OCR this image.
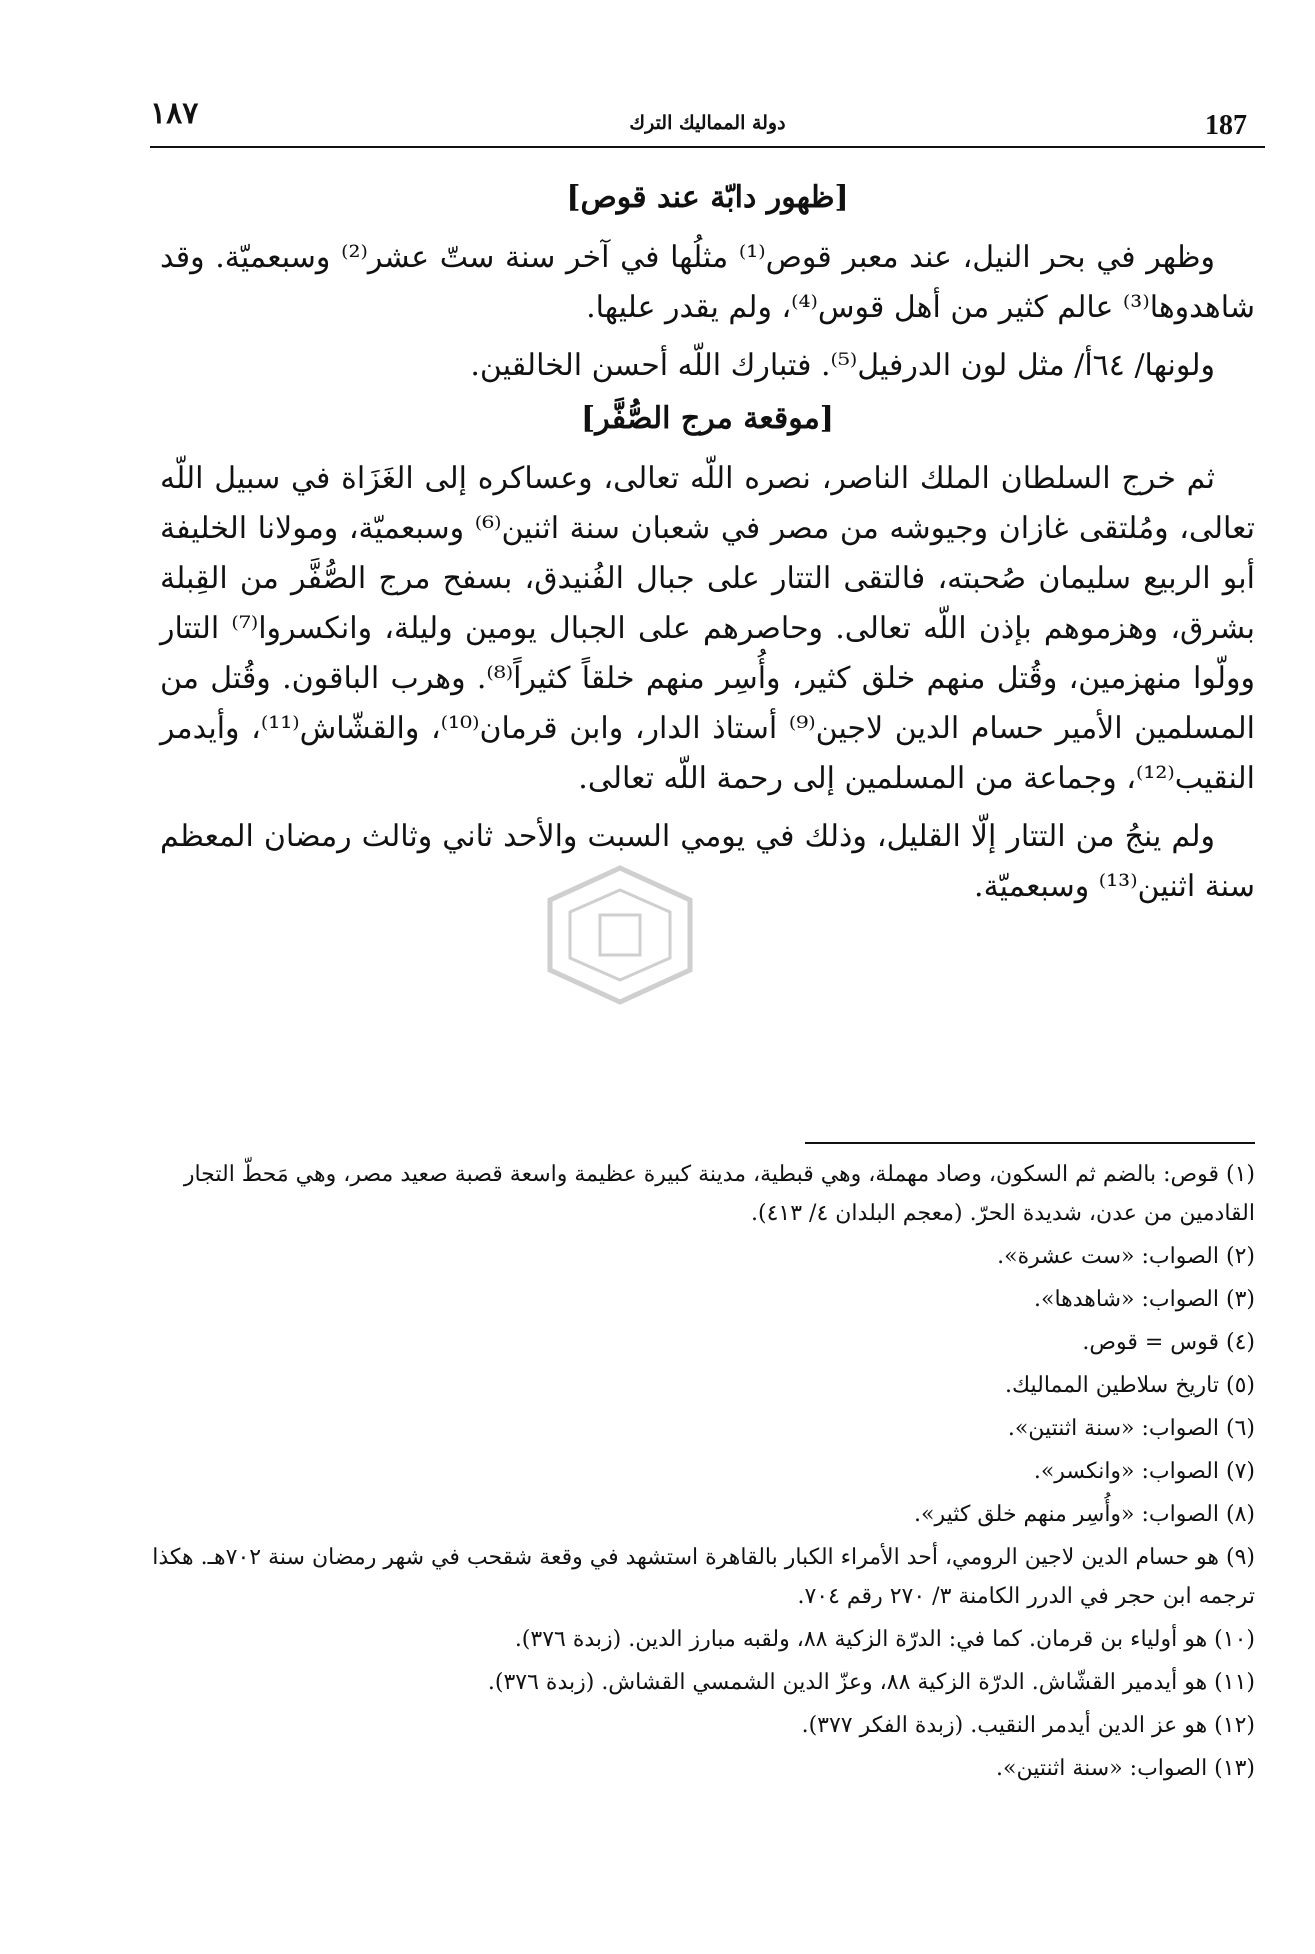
١٨٧	دولة المماليك الترك	187
[ظهور دابّة عند قوص]

وظهر في بحر النيل، عند معبر قوص⁽¹⁾ مثلُها في آخر سنة ستّ عشر⁽²⁾ وسبعميّة. وقد شاهدوها⁽³⁾ عالم كثير من أهل قوس⁽⁴⁾، ولم يقدر عليها.

ولونها/ ٦٤أ/ مثل لون الدرفيل⁽⁵⁾. فتبارك اللّه أحسن الخالقين.

[موقعة مرج الصُّفَّر]

ثم خرج السلطان الملك الناصر، نصره اللّه تعالى، وعساكره إلى الغَزَاة في سبيل اللّه تعالى، ومُلتقى غازان وجيوشه من مصر في شعبان سنة اثنين⁽⁶⁾ وسبعميّة، ومولانا الخليفة أبو الربيع سليمان صُحبته، فالتقى التتار على جبال الفُنيدق، بسفح مرج الصُّفَّر من القِبلة بشرق، وهزموهم بإذن اللّه تعالى. وحاصرهم على الجبال يومين وليلة، وانكسروا⁽⁷⁾ التتار وولّوا منهزمين، وقُتل منهم خلق كثير، وأُسِر منهم خلقاً كثيراً⁽⁸⁾. وهرب الباقون. وقُتل من المسلمين الأمير حسام الدين لاجين⁽⁹⁾ أستاذ الدار، وابن قرمان⁽¹⁰⁾، والقشّاش⁽¹¹⁾، وأيدمر النقيب⁽¹²⁾، وجماعة من المسلمين إلى رحمة اللّه تعالى.

ولم ينجُ من التتار إلّا القليل، وذلك في يومي السبت والأحد ثاني وثالث رمضان المعظم سنة اثنين⁽¹³⁾ وسبعميّة.

(١) قوص: بالضم ثم السكون، وصاد مهملة، وهي قبطية، مدينة كبيرة عظيمة واسعة قصبة صعيد مصر، وهي مَحطّ التجار القادمين من عدن، شديدة الحرّ. (معجم البلدان ٤/ ٤١٣).

(٢) الصواب: «ست عشرة».

(٣) الصواب: «شاهدها».

(٤) قوس = قوص.

(٥) تاريخ سلاطين المماليك.

(٦) الصواب: «سنة اثنتين».

(٧) الصواب: «وانكسر».

(٨) الصواب: «وأُسِر منهم خلق كثير».

(٩) هو حسام الدين لاجين الرومي، أحد الأمراء الكبار بالقاهرة استشهد في وقعة شقحب في شهر رمضان سنة ٧٠٢هـ. هكذا ترجمه ابن حجر في الدرر الكامنة ٣/ ٢٧٠ رقم ٧٠٤.

(١٠) هو أولياء بن قرمان. كما في: الدرّة الزكية ٨٨، ولقبه مبارز الدين. (زبدة ٣٧٦).

(١١) هو أيدمير القشّاش. الدرّة الزكية ٨٨، وعزّ الدين الشمسي القشاش. (زبدة ٣٧٦).

(١٢) هو عز الدين أيدمر النقيب. (زبدة الفكر ٣٧٧).

(١٣) الصواب: «سنة اثنتين».
